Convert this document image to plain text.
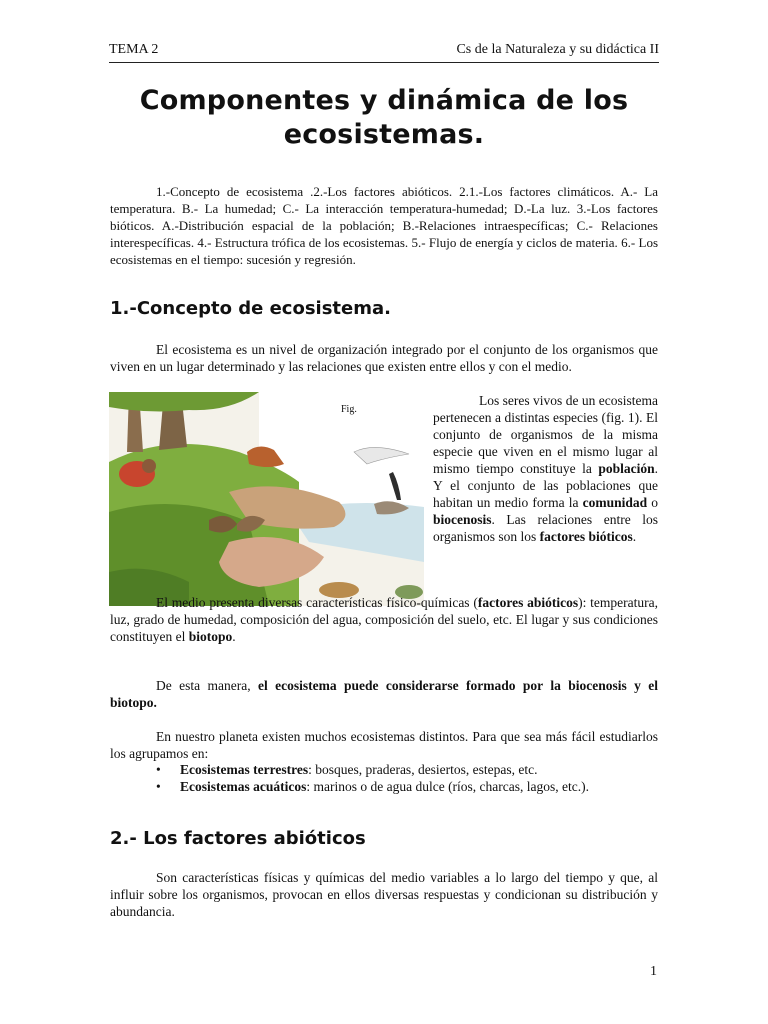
TEMA 2	Cs de la Naturaleza y su didáctica II
Componentes y dinámica de los
ecosistemas.
1.-Concepto de ecosistema .2.-Los factores abióticos. 2.1.-Los factores climáticos. A.- La temperatura. B.- La humedad; C.- La interacción temperatura-humedad; D.-La luz. 3.-Los factores bióticos. A.-Distribución espacial de la población; B.-Relaciones intraespecíficas; C.- Relaciones interespecíficas. 4.- Estructura trófica de los ecosistemas. 5.- Flujo de energía y ciclos de materia. 6.- Los ecosistemas en el tiempo: sucesión y regresión.
1.-Concepto de ecosistema.
El ecosistema es un nivel de organización integrado por el conjunto de los organismos que viven en un lugar determinado y las relaciones que existen entre ellos y con el medio.
Fig.
Los seres vivos de un ecosistema pertenecen a distintas especies (fig. 1). El conjunto de organismos de la misma especie que viven en el mismo lugar al mismo tiempo constituye la población. Y el conjunto de las poblaciones que habitan un medio forma la comunidad o biocenosis. Las relaciones entre los organismos son los factores bióticos.
El medio presenta diversas características físico-químicas (factores abióticos): temperatura, luz, grado de humedad, composición del agua, composición del suelo, etc. El lugar y sus condiciones constituyen el biotopo.
De esta manera, el ecosistema puede considerarse formado por la biocenosis y el biotopo.
En nuestro planeta existen muchos ecosistemas distintos. Para que sea más fácil estudiarlos los agrupamos en:
• Ecosistemas terrestres: bosques, praderas, desiertos, estepas, etc.
• Ecosistemas acuáticos: marinos o de agua dulce (ríos, charcas, lagos, etc.).
2.- Los factores abióticos
Son características físicas y químicas del medio variables a lo largo del tiempo y que, al influir sobre los organismos, provocan en ellos diversas respuestas y condicionan su distribución y abundancia.
1
